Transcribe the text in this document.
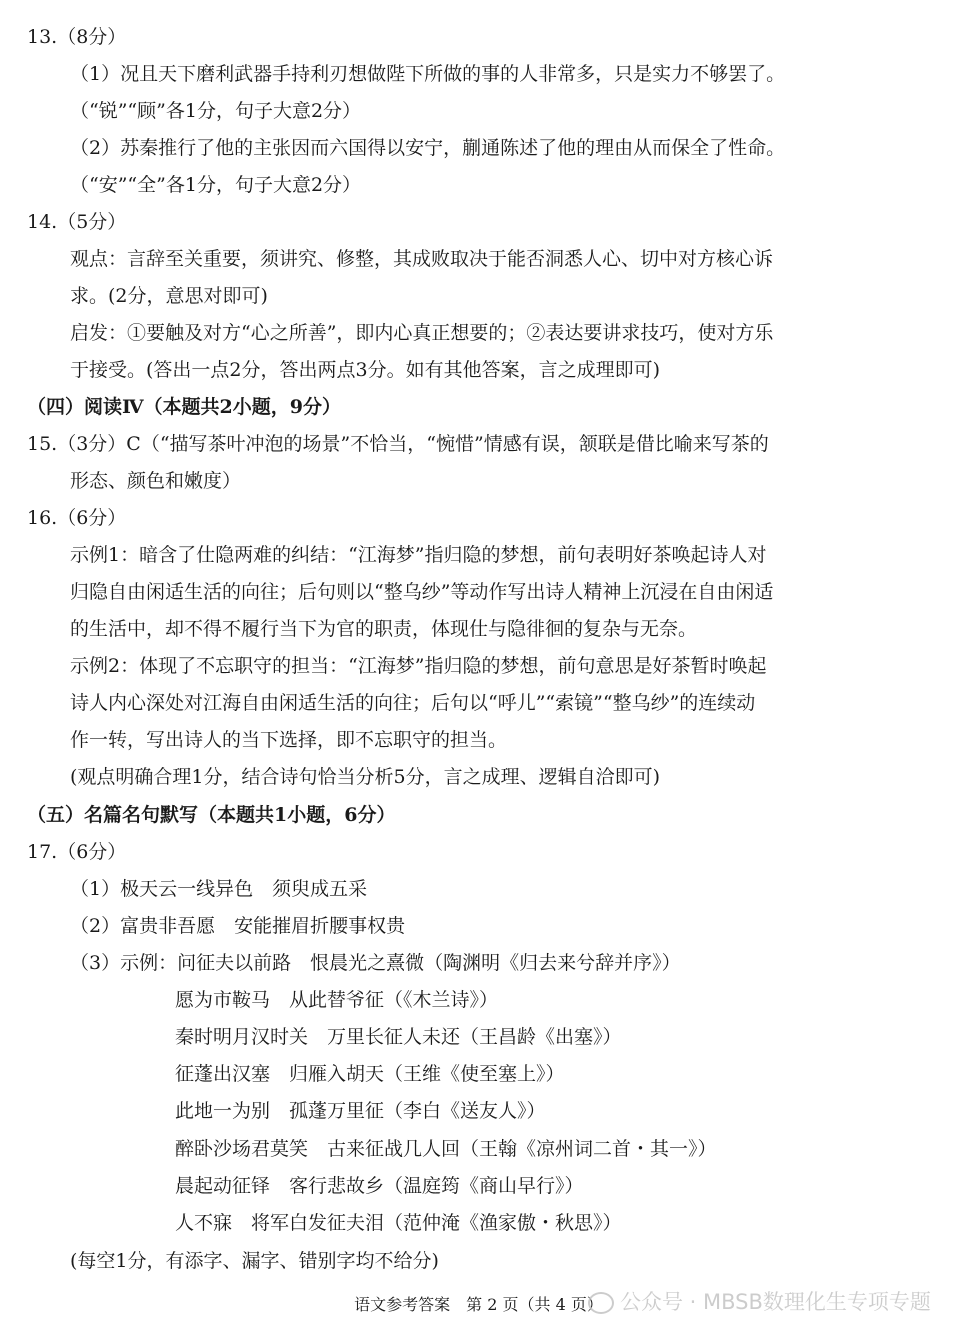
13.（8分）
（1）况且天下磨利武器手持利刃想做陛下所做的事的人非常多，只是实力不够罢了。
（“锐”“顾”各1分，句子大意2分）
（2）苏秦推行了他的主张因而六国得以安宁，蒯通陈述了他的理由从而保全了性命。
（“安”“全”各1分，句子大意2分）
14.（5分）
观点：言辞至关重要，须讲究、修整，其成败取决于能否洞悉人心、切中对方核心诉
求。(2分，意思对即可)
启发：①要触及对方“心之所善”，即内心真正想要的；②表达要讲求技巧，使对方乐
于接受。(答出一点2分，答出两点3分。如有其他答案，言之成理即可)
（四）阅读Ⅳ（本题共2小题，9分）
15.（3分）C（“描写茶叶冲泡的场景”不恰当，“惋惜”情感有误，颔联是借比喻来写茶的
形态、颜色和嫩度）
16.（6分）
示例1：暗含了仕隐两难的纠结：“江海梦”指归隐的梦想，前句表明好茶唤起诗人对
归隐自由闲适生活的向往；后句则以“整乌纱”等动作写出诗人精神上沉浸在自由闲适
的生活中，却不得不履行当下为官的职责，体现仕与隐徘徊的复杂与无奈。
示例2：体现了不忘职守的担当：“江海梦”指归隐的梦想，前句意思是好茶暂时唤起
诗人内心深处对江海自由闲适生活的向往；后句以“呼儿”“索镜”“整乌纱”的连续动
作一转，写出诗人的当下选择，即不忘职守的担当。
(观点明确合理1分，结合诗句恰当分析5分，言之成理、逻辑自洽即可)
（五）名篇名句默写（本题共1小题，6分）
17.（6分）
（1）极天云一线异色　须臾成五采
（2）富贵非吾愿　安能摧眉折腰事权贵
（3）示例：问征夫以前路　恨晨光之熹微（陶渊明《归去来兮辞并序》）
愿为市鞍马　从此替爷征（《木兰诗》）
秦时明月汉时关　万里长征人未还（王昌龄《出塞》）
征蓬出汉塞　归雁入胡天（王维《使至塞上》）
此地一为别　孤蓬万里征（李白《送友人》）
醉卧沙场君莫笑　古来征战几人回（王翰《凉州词二首・其一》）
晨起动征铎　客行悲故乡（温庭筠《商山早行》）
人不寐　将军白发征夫泪（范仲淹《渔家傲・秋思》）
(每空1分，有添字、漏字、错别字均不给分)
语文参考答案　第 2 页（共 4 页） 公众号 · MBSB数理化生专项专题
